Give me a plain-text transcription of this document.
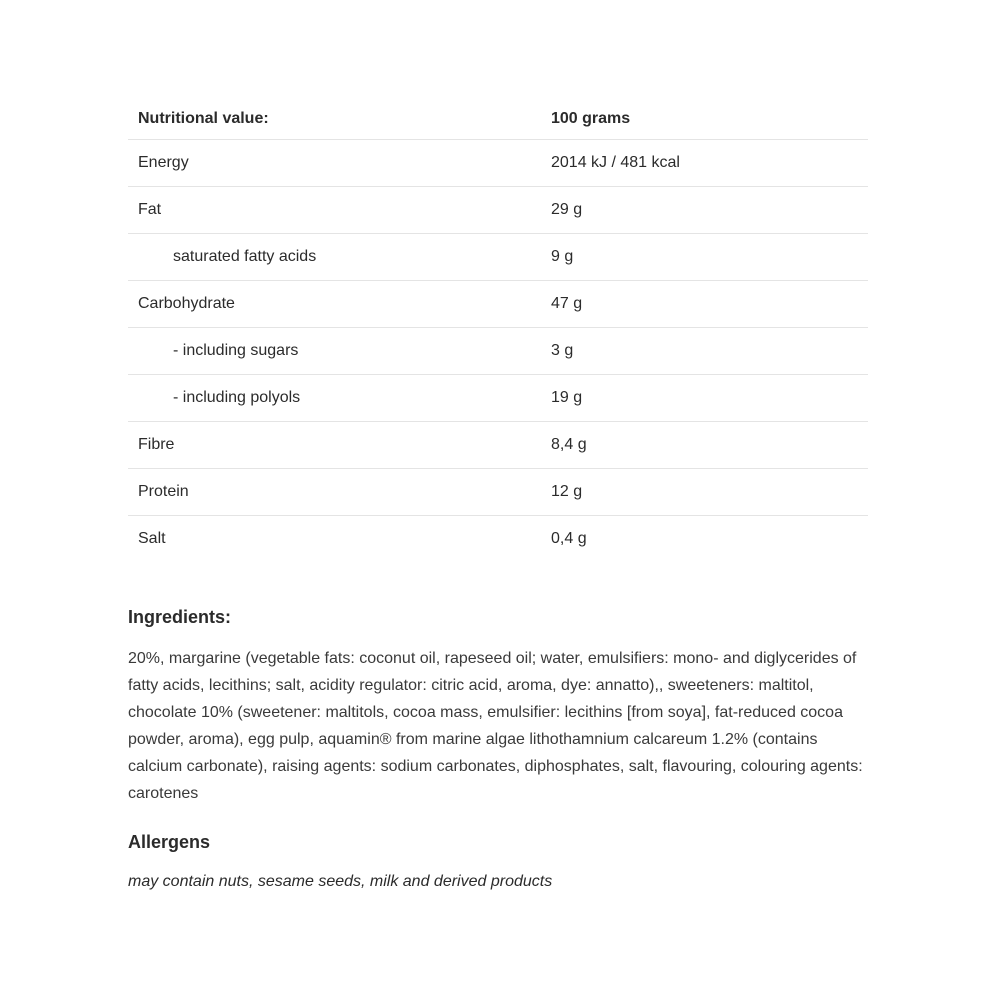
Nutritional value:	100 grams
Energy	2014 kJ / 481 kcal
Fat	29 g
saturated fatty acids	9 g
Carbohydrate	47 g
- including sugars	3 g
- including polyols	19 g
Fibre	8,4 g
Protein	12 g
Salt	0,4 g
Ingredients:

20%, margarine (vegetable fats: coconut oil, rapeseed oil; water, emulsifiers: mono- and diglycerides of fatty acids, lecithins; salt, acidity regulator: citric acid, aroma, dye: annatto),, sweeteners: maltitol, chocolate 10% (sweetener: maltitols, cocoa mass, emulsifier: lecithins [from soya], fat-reduced cocoa powder, aroma), egg pulp, aquamin® from marine algae lithothamnium calcareum 1.2% (contains calcium carbonate), raising agents: sodium carbonates, diphosphates, salt, flavouring, colouring agents: carotenes

Allergens

may contain nuts, sesame seeds, milk and derived products
